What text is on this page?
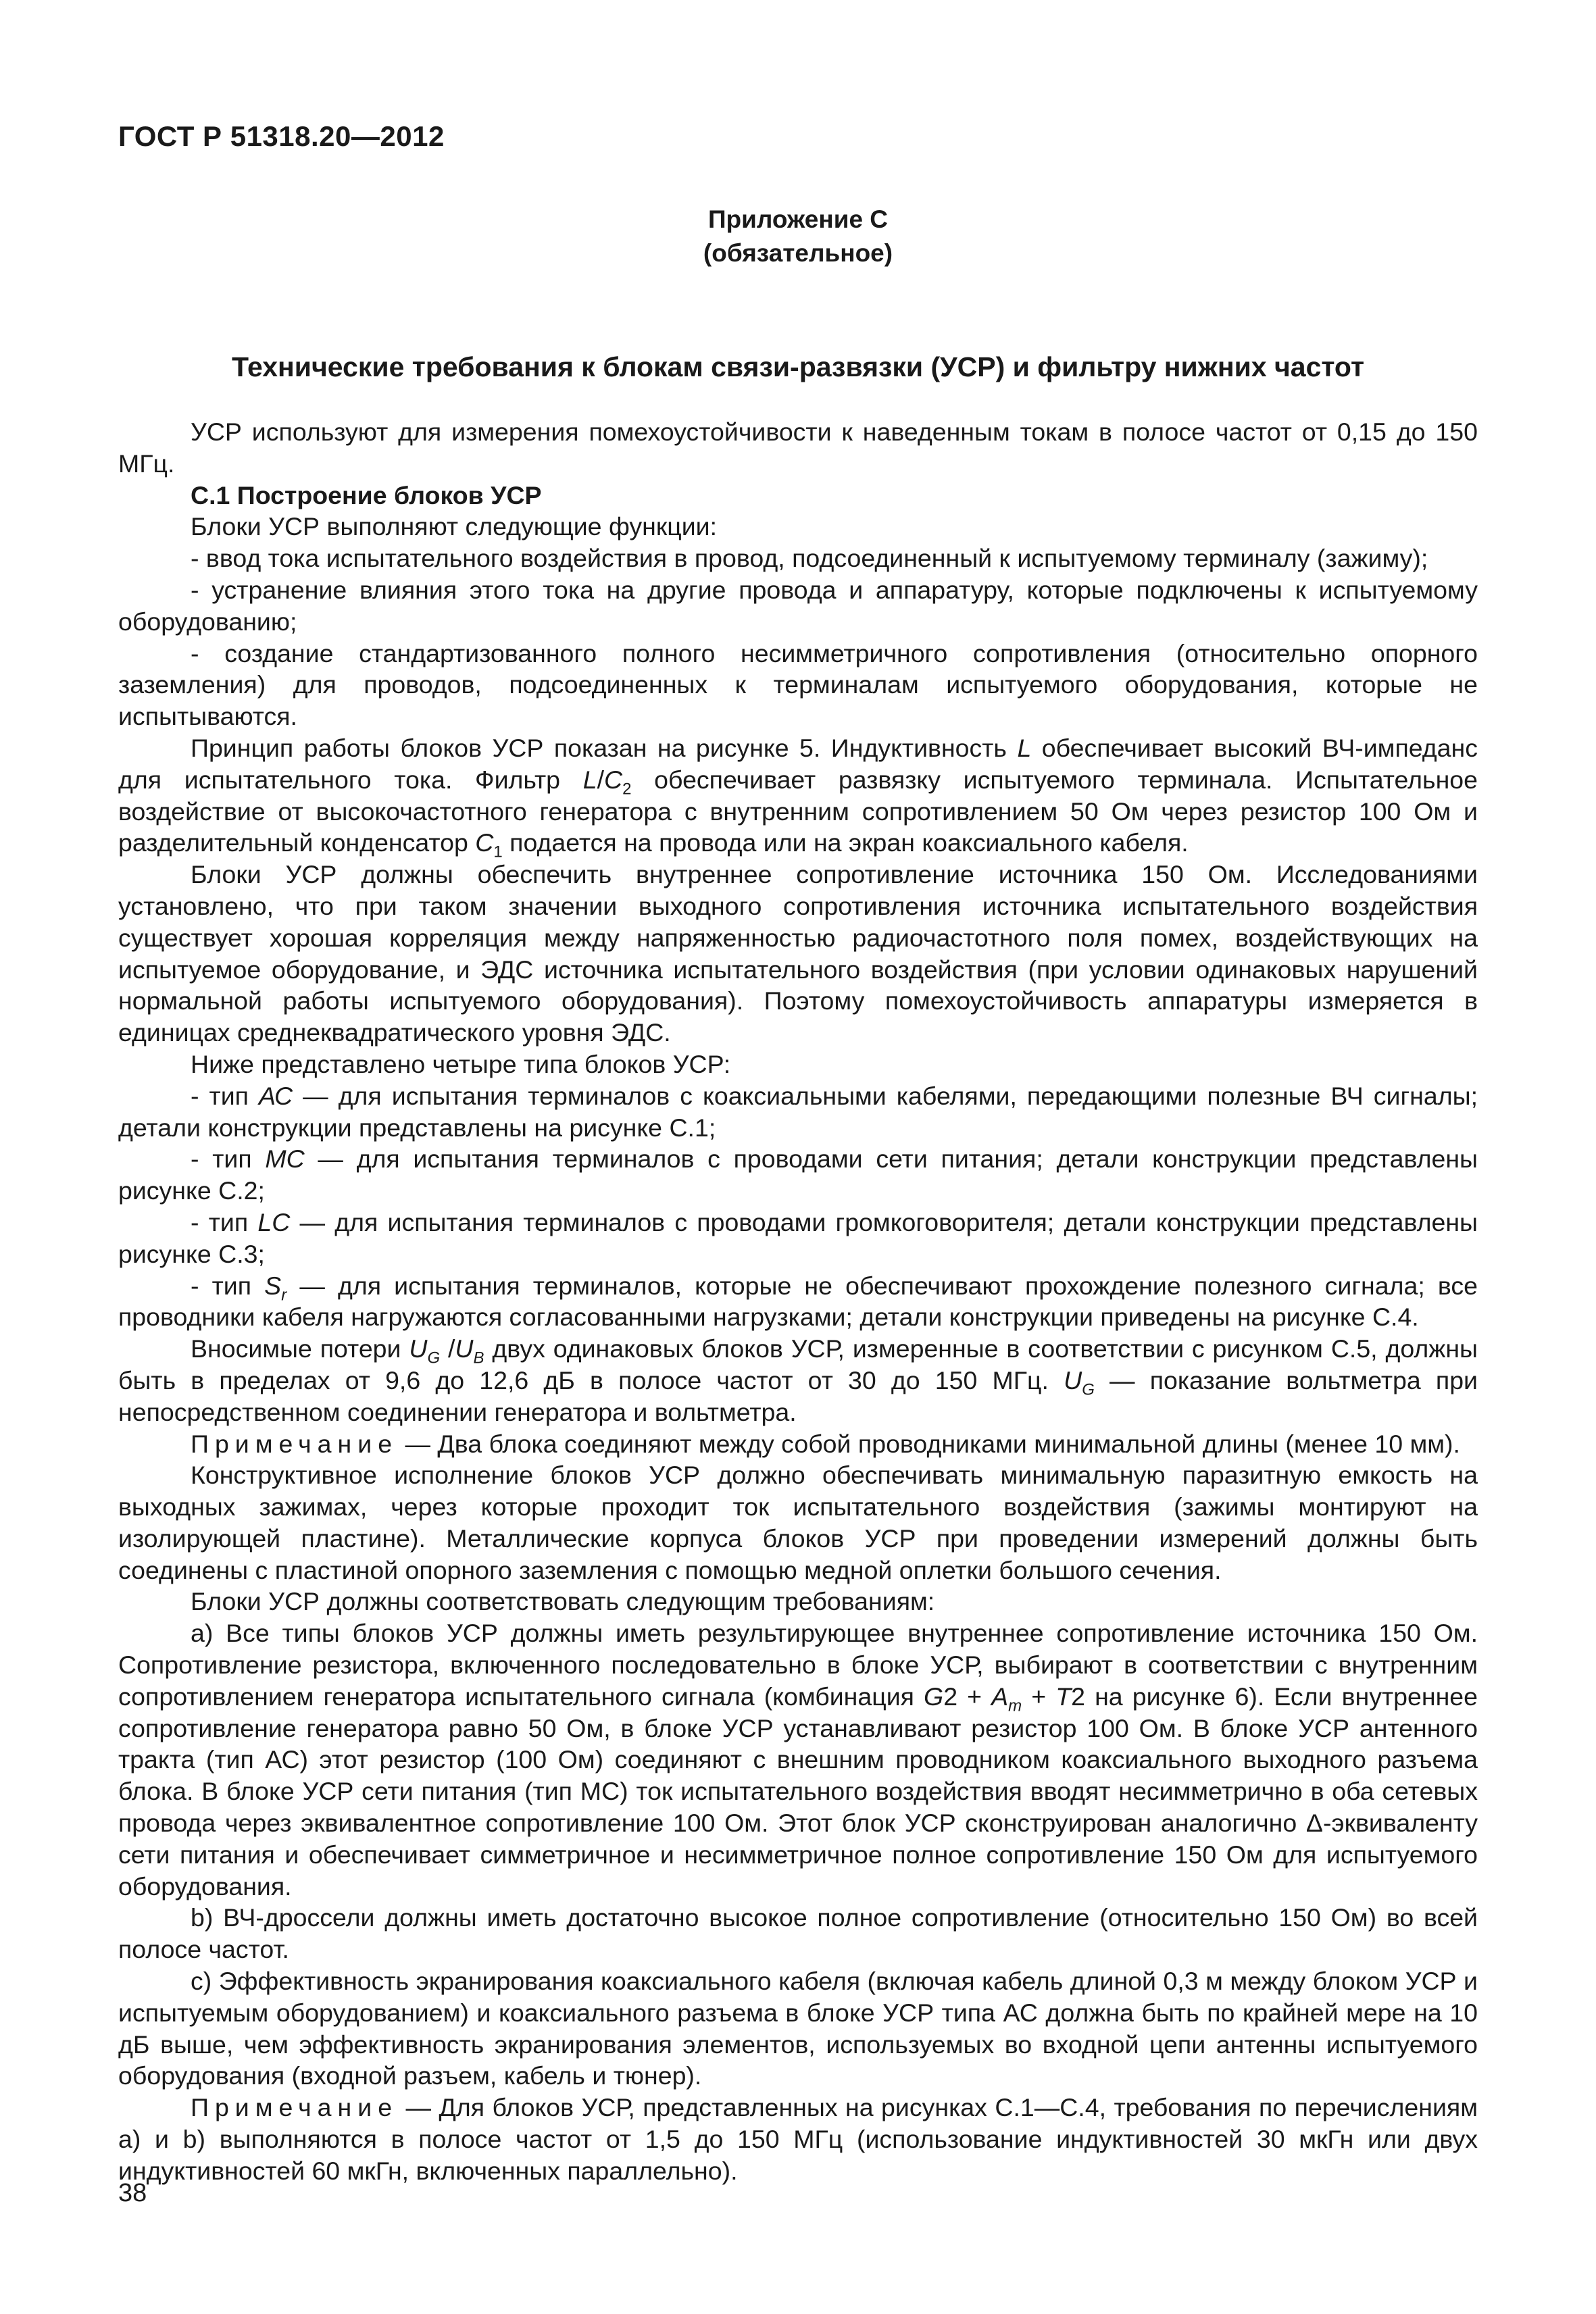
ГОСТ Р 51318.20—2012
Приложение С
(обязательное)
Технические требования к блокам связи-развязки (УСР) и фильтру нижних частот

УСР используют для измерения помехоустойчивости к наведенным токам в полосе частот от 0,15 до 150 МГц.

С.1 Построение блоков УСР

Блоки УСР выполняют следующие функции:

- ввод тока испытательного воздействия в провод, подсоединенный к испытуемому терминалу (зажиму);

- устранение влияния этого тока на другие провода и аппаратуру, которые подключены к испытуемому оборудованию;

- создание стандартизованного полного несимметричного сопротивления (относительно опорного заземления) для проводов, подсоединенных к терминалам испытуемого оборудования, которые не испытываются.

Принцип работы блоков УСР показан на рисунке 5. Индуктивность L обеспечивает высокий ВЧ-импеданс для испытательного тока. Фильтр $L/C_2$ обеспечивает развязку испытуемого терминала. Испытательное воздействие от высокочастотного генератора с внутренним сопротивлением 50 Ом через резистор 100 Ом и разделительный конденсатор $C_1$ подается на провода или на экран коаксиального кабеля.

Блоки УСР должны обеспечить внутреннее сопротивление источника 150 Ом. Исследованиями установлено, что при таком значении выходного сопротивления источника испытательного воздействия существует хорошая корреляция между напряженностью радиочастотного поля помех, воздействующих на испытуемое оборудование, и ЭДС источника испытательного воздействия (при условии одинаковых нарушений нормальной работы испытуемого оборудования). Поэтому помехоустойчивость аппаратуры измеряется в единицах среднеквадратического уровня ЭДС.

Ниже представлено четыре типа блоков УСР:

- тип АС — для испытания терминалов с коаксиальными кабелями, передающими полезные ВЧ сигналы; детали конструкции представлены на рисунке С.1;

- тип МС — для испытания терминалов с проводами сети питания; детали конструкции представлены рисунке С.2;

- тип LC — для испытания терминалов с проводами громкоговорителя; детали конструкции представлены рисунке С.3;

- тип $S_r$ — для испытания терминалов, которые не обеспечивают прохождение полезного сигнала; все проводники кабеля нагружаются согласованными нагрузками; детали конструкции приведены на рисунке С.4.

Вносимые потери $U_G$ $/U_B$ двух одинаковых блоков УСР, измеренные в соответствии с рисунком С.5, должны быть в пределах от 9,6 до 12,6 дБ в полосе частот от 30 до 150 МГц. $U_G$ — показание вольтметра при непосредственном соединении генератора и вольтметра.

Примечание — Два блока соединяют между собой проводниками минимальной длины (менее 10 мм).

Конструктивное исполнение блоков УСР должно обеспечивать минимальную паразитную емкость на выходных зажимах, через которые проходит ток испытательного воздействия (зажимы монтируют на изолирующей пластине). Металлические корпуса блоков УСР при проведении измерений должны быть соединены с пластиной опорного заземления с помощью медной оплетки большого сечения.

Блоки УСР должны соответствовать следующим требованиям:

a) Все типы блоков УСР должны иметь результирующее внутреннее сопротивление источника 150 Ом. Сопротивление резистора, включенного последовательно в блоке УСР, выбирают в соответствии с внутренним сопротивлением генератора испытательного сигнала (комбинация $G2 + A_m + T2$ на рисунке 6). Если внутреннее сопротивление генератора равно 50 Ом, в блоке УСР устанавливают резистор 100 Ом. В блоке УСР антенного тракта (тип АС) этот резистор (100 Ом) соединяют с внешним проводником коаксиального выходного разъема блока. В блоке УСР сети питания (тип МС) ток испытательного воздействия вводят несимметрично в оба сетевых провода через эквивалентное сопротивление 100 Ом. Этот блок УСР сконструирован аналогично Δ-эквиваленту сети питания и обеспечивает симметричное и несимметричное полное сопротивление 150 Ом для испытуемого оборудования.

b) ВЧ-дроссели должны иметь достаточно высокое полное сопротивление (относительно 150 Ом) во всей полосе частот.

c) Эффективность экранирования коаксиального кабеля (включая кабель длиной 0,3 м между блоком УСР и испытуемым оборудованием) и коаксиального разъема в блоке УСР типа АС должна быть по крайней мере на 10 дБ выше, чем эффективность экранирования элементов, используемых во входной цепи антенны испытуемого оборудования (входной разъем, кабель и тюнер).

Примечание — Для блоков УСР, представленных на рисунках С.1—С.4, требования по перечислениям а) и b) выполняются в полосе частот от 1,5 до 150 МГц (использование индуктивностей 30 мкГн или двух индуктивностей 60 мкГн, включенных параллельно).

38
